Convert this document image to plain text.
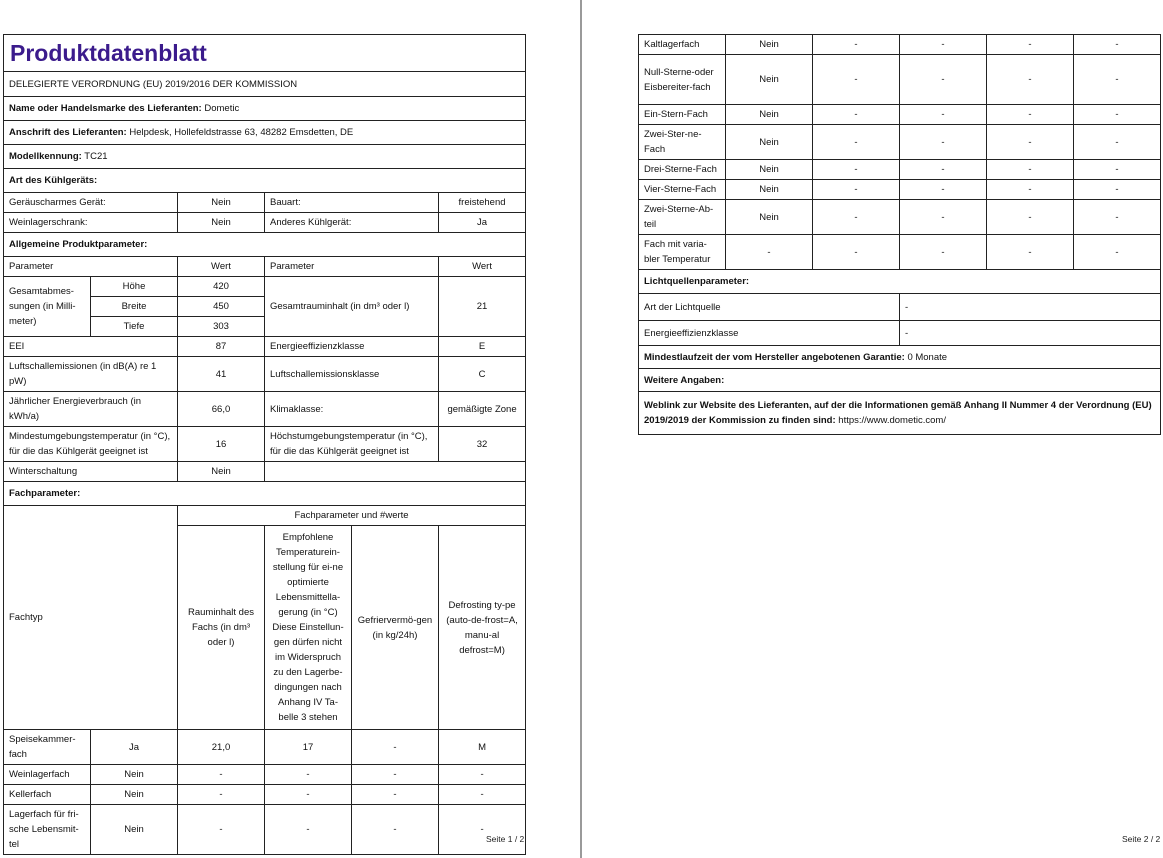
Produktdatenblatt					
DELEGIERTE VERORDNUNG (EU) 2019/2016 DER KOMMISSION					
Name oder Handelsmarke des Lieferanten: Dometic					
Anschrift des Lieferanten: Helpdesk, Hollefeldstrasse 63, 48282 Emsdetten, DE					
Modellkennung: TC21					
Art des Kühlgeräts:					
Geräuscharmes Gerät:		Nein	Bauart:		freistehend
Weinlagerschrank:		Nein	Anderes Kühlgerät:		Ja
Allgemeine Produktparameter:					
Parameter		Wert	Parameter		Wert
Gesamtabmes-sungen (in Milli-meter)	Höhe	420	Gesamtrauminhalt (in dm³ oder l)		21
	Breite	450			
	Tiefe	303			
EEI		87	Energieeffizienzklasse		E
Luftschallemissionen (in dB(A) re 1 pW)		41	Luftschallemissionsklasse		C
Jährlicher Energieverbrauch (in kWh/a)		66,0	Klimaklasse:		gemäßigte Zone
Mindestumgebungstemperatur (in °C), für die das Kühlgerät geeignet ist		16	Höchstumgebungstemperatur (in °C), für die das Kühlgerät geeignet ist		32
Winterschaltung		Nein			
Fachparameter:					
Fachtyp		Fachparameter und #werte			
		Rauminhalt des Fachs (in dm³ oder l)	Empfohlene Temperaturein-stellung für ei-ne optimierte Lebensmittella-gerung (in °C) Diese Einstellun-gen dürfen nicht im Widerspruch zu den Lagerbe-dingungen nach Anhang IV Ta-belle 3 stehen	Gefriervermö-gen (in kg/24h)	Defrosting ty-pe (auto-de-frost=A, manu-al defrost=M)
Speisekammer-fach	Ja	21,0	17	-	M
Weinlagerfach	Nein	-	-	-	-
Kellerfach	Nein	-	-	-	-
Lagerfach für fri-sche Lebensmit-tel	Nein	-	-	-	-
Seite 1 / 2
Kaltlagerfach	Nein	-	-	-	-
Null-Sterne-oder Eisbereiter-fach	Nein	-	-	-	-
Ein-Stern-Fach	Nein	-	-	-	-
Zwei-Ster-ne-Fach	Nein	-	-	-	-
Drei-Sterne-Fach	Nein	-	-	-	-
Vier-Sterne-Fach	Nein	-	-	-	-
Zwei-Sterne-Ab-teil	Nein	-	-	-	-
Fach mit varia-bler Temperatur	-	-	-	-	-
Lichtquellenparameter:					
Art der Lichtquelle			-		
Energieeffizienzklasse			-		
Mindestlaufzeit der vom Hersteller angebotenen Garantie: 0 Monate					
Weitere Angaben:					
Weblink zur Website des Lieferanten, auf der die Informationen gemäß Anhang II Nummer 4 der Verordnung (EU) 2019/2019 der Kommission zu finden sind: https://www.dometic.com/					
Seite 2 / 2
